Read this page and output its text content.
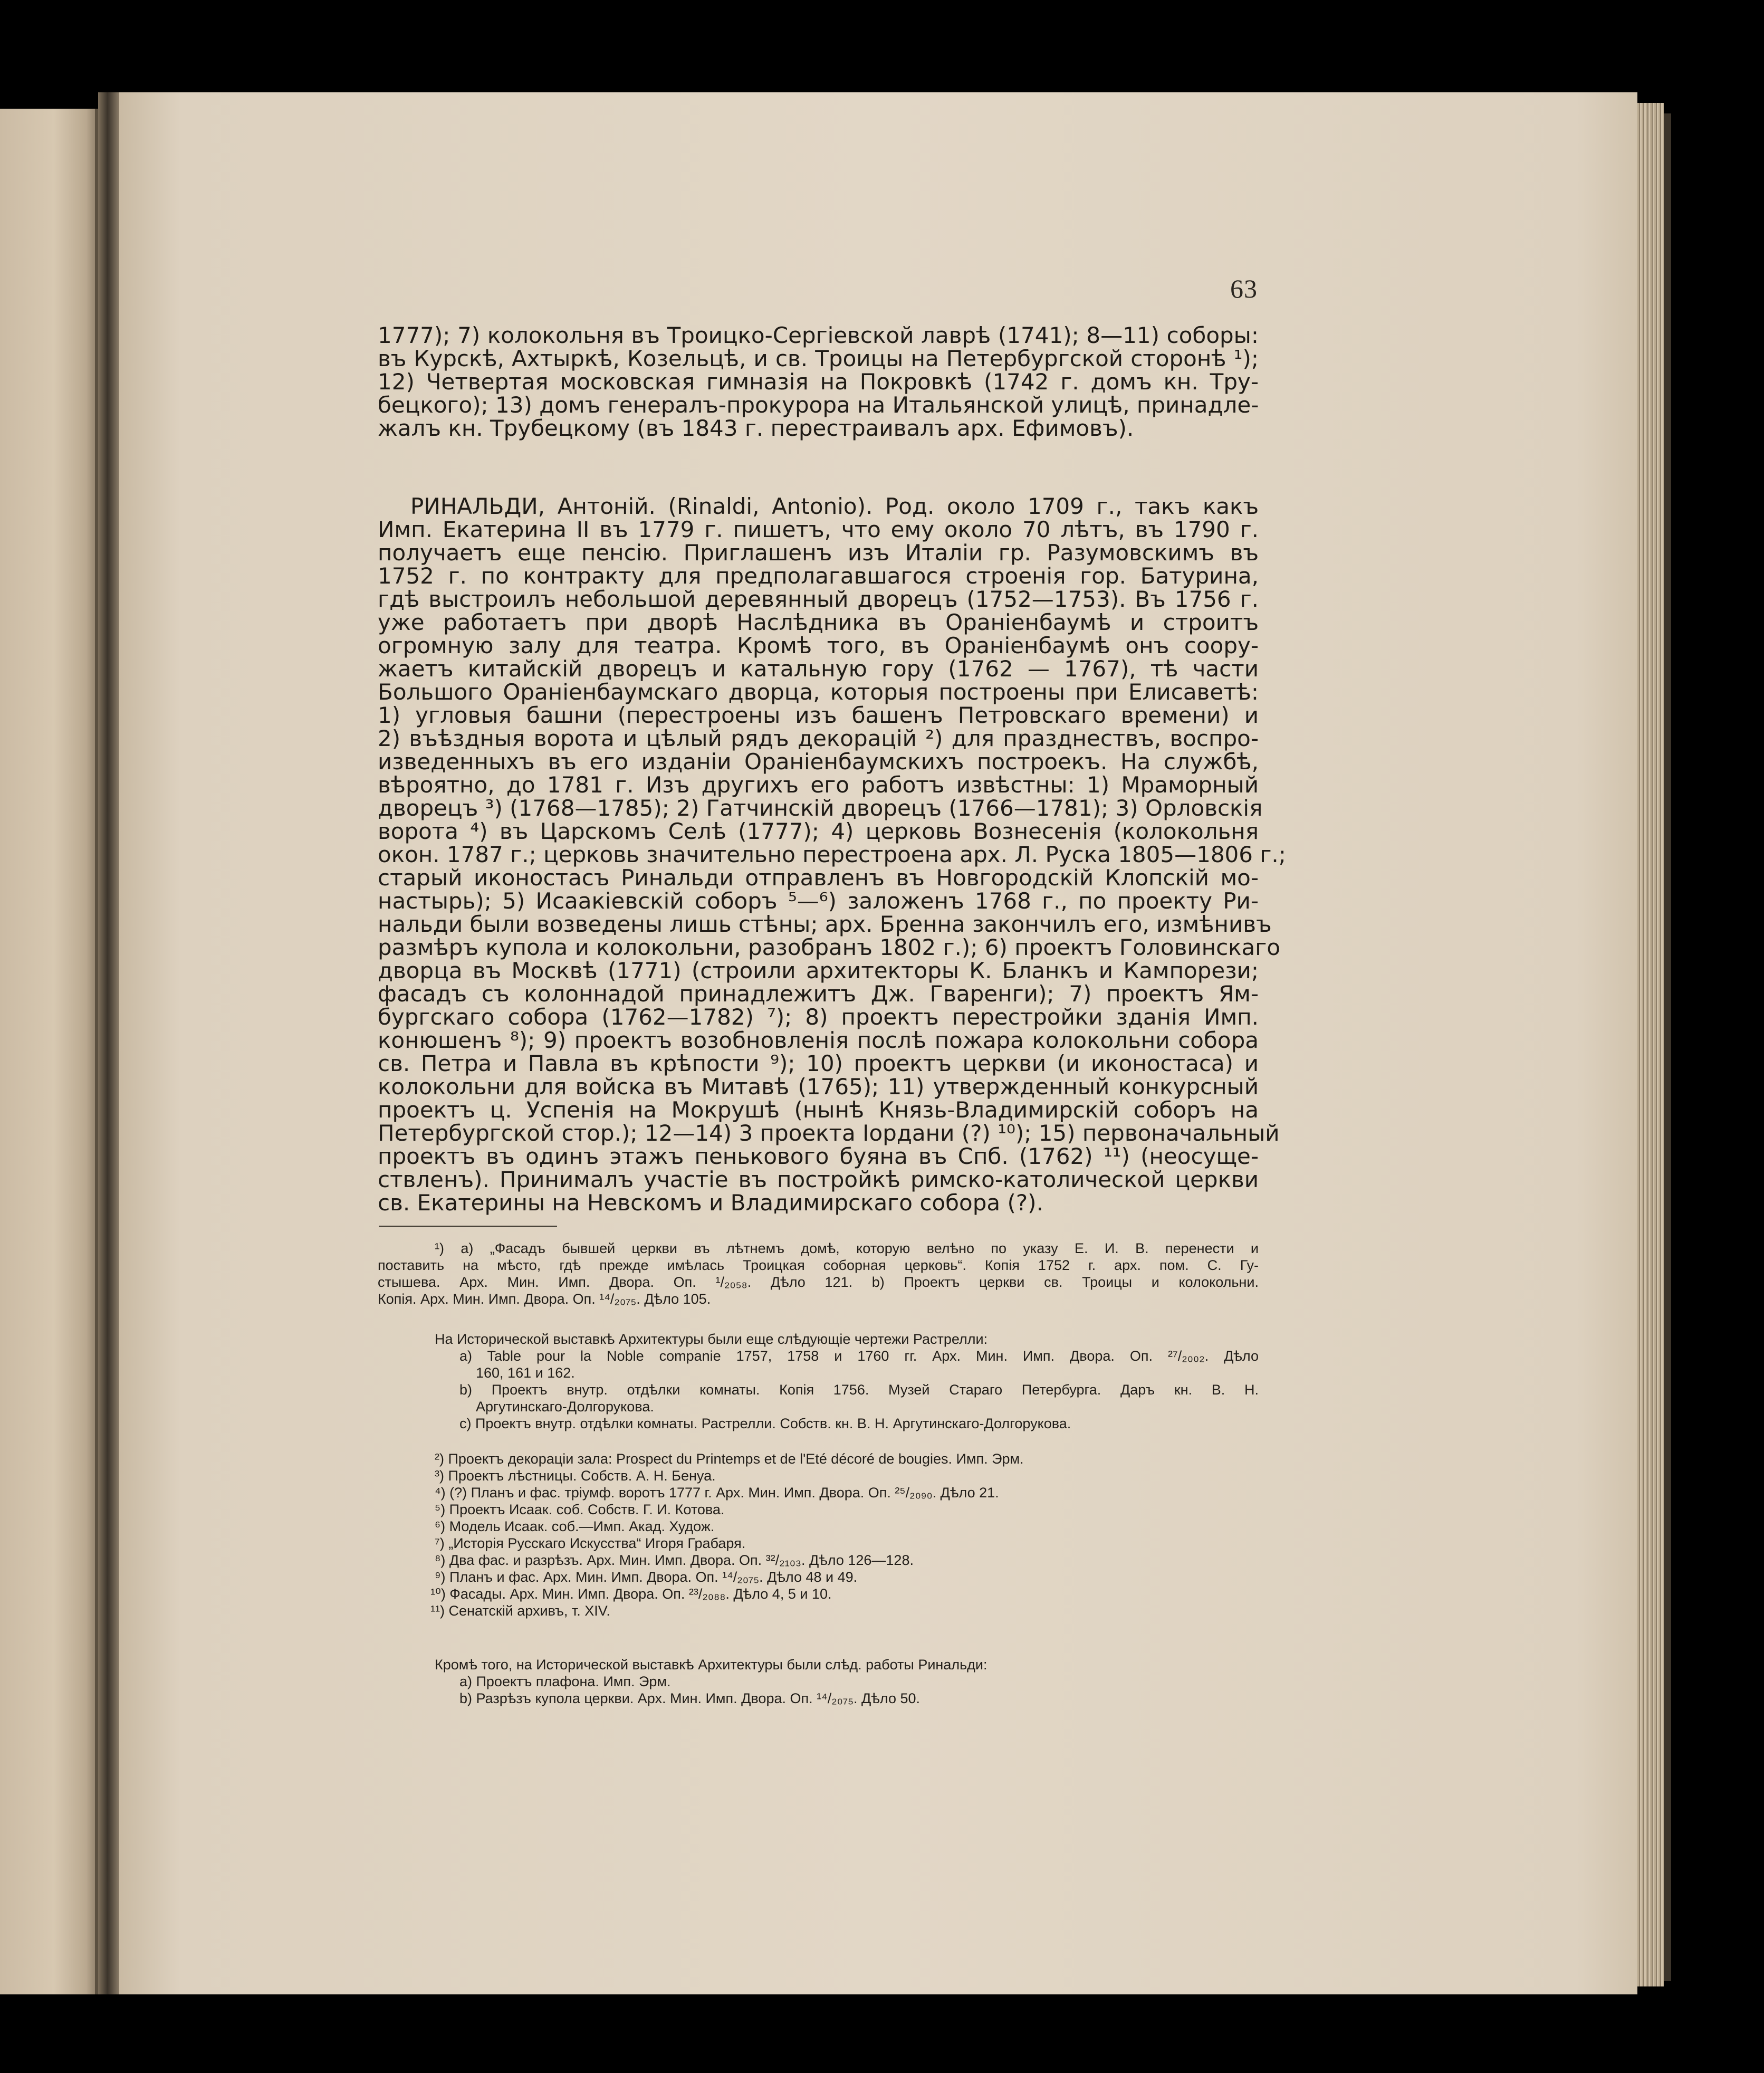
63
1777); 7) колокольня въ Троицко-Сергіевской лаврѣ (1741); 8—11) соборы:
въ Курскѣ, Ахтыркѣ, Козельцѣ, и св. Троицы на Петербургской сторонѣ ¹);
12) Четвертая московская гимназія на Покровкѣ (1742 г. домъ кн. Тру-
бецкого); 13) домъ генералъ-прокурора на Итальянской улицѣ, принадле-
жалъ кн. Трубецкому (въ 1843 г. перестраивалъ арх. Ефимовъ).
РИНАЛЬДИ, Антоній. (Rinaldi, Antonio). Род. около 1709 г., такъ какъ
Имп. Екатерина II въ 1779 г. пишетъ, что ему около 70 лѣтъ, въ 1790 г.
получаетъ еще пенсію. Приглашенъ изъ Италіи гр. Разумовскимъ въ
1752 г. по контракту для предполагавшагося строенія гор. Батурина,
гдѣ выстроилъ небольшой деревянный дворецъ (1752—1753). Въ 1756 г.
уже работаетъ при дворѣ Наслѣдника въ Ораніенбаумѣ и строитъ
огромную залу для театра. Кромѣ того, въ Ораніенбаумѣ онъ соору-
жаетъ китайскій дворецъ и катальную гору (1762 — 1767), тѣ части
Большого Ораніенбаумскаго дворца, которыя построены при Елисаветѣ:
1) угловыя башни (перестроены изъ башенъ Петровскаго времени) и
2) въѣздныя ворота и цѣлый рядъ декорацій ²) для празднествъ, воспро-
изведенныхъ въ его изданіи Ораніенбаумскихъ построекъ. На службѣ,
вѣроятно, до 1781 г. Изъ другихъ его работъ извѣстны: 1) Мраморный
дворецъ ³) (1768—1785); 2) Гатчинскій дворецъ (1766—1781); 3) Орловскія
ворота ⁴) въ Царскомъ Селѣ (1777); 4) церковь Вознесенія (колокольня
окон. 1787 г.; церковь значительно перестроена арх. Л. Руска 1805—1806 г.;
старый иконостасъ Ринальди отправленъ въ Новгородскій Клопскій мо-
настырь); 5) Исаакіевскій соборъ ⁵—⁶) заложенъ 1768 г., по проекту Ри-
нальди были возведены лишь стѣны; арх. Бренна закончилъ его, измѣнивъ
размѣръ купола и колокольни, разобранъ 1802 г.); 6) проектъ Головинскаго
дворца въ Москвѣ (1771) (строили архитекторы К. Бланкъ и Кампорези;
фасадъ съ колоннадой принадлежитъ Дж. Гваренги); 7) проектъ Ям-
бургскаго собора (1762—1782) ⁷); 8) проектъ перестройки зданія Имп.
конюшенъ ⁸); 9) проектъ возобновленія послѣ пожара колокольни собора
св. Петра и Павла въ крѣпости ⁹); 10) проектъ церкви (и иконостаса) и
колокольни для войска въ Митавѣ (1765); 11) утвержденный конкурсный
проектъ ц. Успенія на Мокрушѣ (нынѣ Князь-Владимирскій соборъ на
Петербургской стор.); 12—14) 3 проекта Іордани (?) ¹⁰); 15) первоначальный
проектъ въ одинъ этажъ пенькового буяна въ Спб. (1762) ¹¹) (неосуще-
ствленъ). Принималъ участіе въ постройкѣ римско-католической церкви
св. Екатерины на Невскомъ и Владимирскаго собора (?).
¹) a) „Фасадъ бывшей церкви въ лѣтнемъ домѣ, которую велѣно по указу Е. И. В. перенести и
поставить на мѣсто, гдѣ прежде имѣлась Троицкая соборная церковь“. Копія 1752 г. арх. пом. С. Гу-
стышева. Арх. Мин. Имп. Двора. Оп. ¹/₂₀₅₈. Дѣло 121. b) Проектъ церкви св. Троицы и колокольни.
Копія. Арх. Мин. Имп. Двора. Оп. ¹⁴/₂₀₇₅. Дѣло 105.
На Исторической выставкѣ Архитектуры были еще слѣдующіе чертежи Растрелли:
a) Table pour la Noble companie 1757, 1758 и 1760 гг. Арх. Мин. Имп. Двора. Оп. ²⁷/₂₀₀₂. Дѣло
160, 161 и 162.
b) Проектъ внутр. отдѣлки комнаты. Копія 1756. Музей Стараго Петербурга. Даръ кн. В. Н.
Аргутинскаго-Долгорукова.
c) Проектъ внутр. отдѣлки комнаты. Растрелли. Собств. кн. В. Н. Аргутинскаго-Долгорукова.
²) Проектъ декораціи зала: Prospect du Printemps et de l'Eté décoré de bougies. Имп. Эрм.
³) Проектъ лѣстницы. Собств. А. Н. Бенуа.
⁴) (?) Планъ и фас. тріумф. воротъ 1777 г. Арх. Мин. Имп. Двора. Оп. ²⁵/₂₀₉₀. Дѣло 21.
⁵) Проектъ Исаак. соб. Собств. Г. И. Котова.
⁶) Модель Исаак. соб.—Имп. Акад. Худож.
⁷) „Исторія Русскаго Искусства“ Игоря Грабаря.
⁸) Два фас. и разрѣзъ. Арх. Мин. Имп. Двора. Оп. ³²/₂₁₀₃. Дѣло 126—128.
⁹) Планъ и фас. Арх. Мин. Имп. Двора. Оп. ¹⁴/₂₀₇₅. Дѣло 48 и 49.
¹⁰) Фасады. Арх. Мин. Имп. Двора. Оп. ²³/₂₀₈₈. Дѣло 4, 5 и 10.
¹¹) Сенатскій архивъ, т. XIV.
Кромѣ того, на Исторической выставкѣ Архитектуры были слѣд. работы Ринальди:
a) Проектъ плафона. Имп. Эрм.
b) Разрѣзъ купола церкви. Арх. Мин. Имп. Двора. Оп. ¹⁴/₂₀₇₅. Дѣло 50.
